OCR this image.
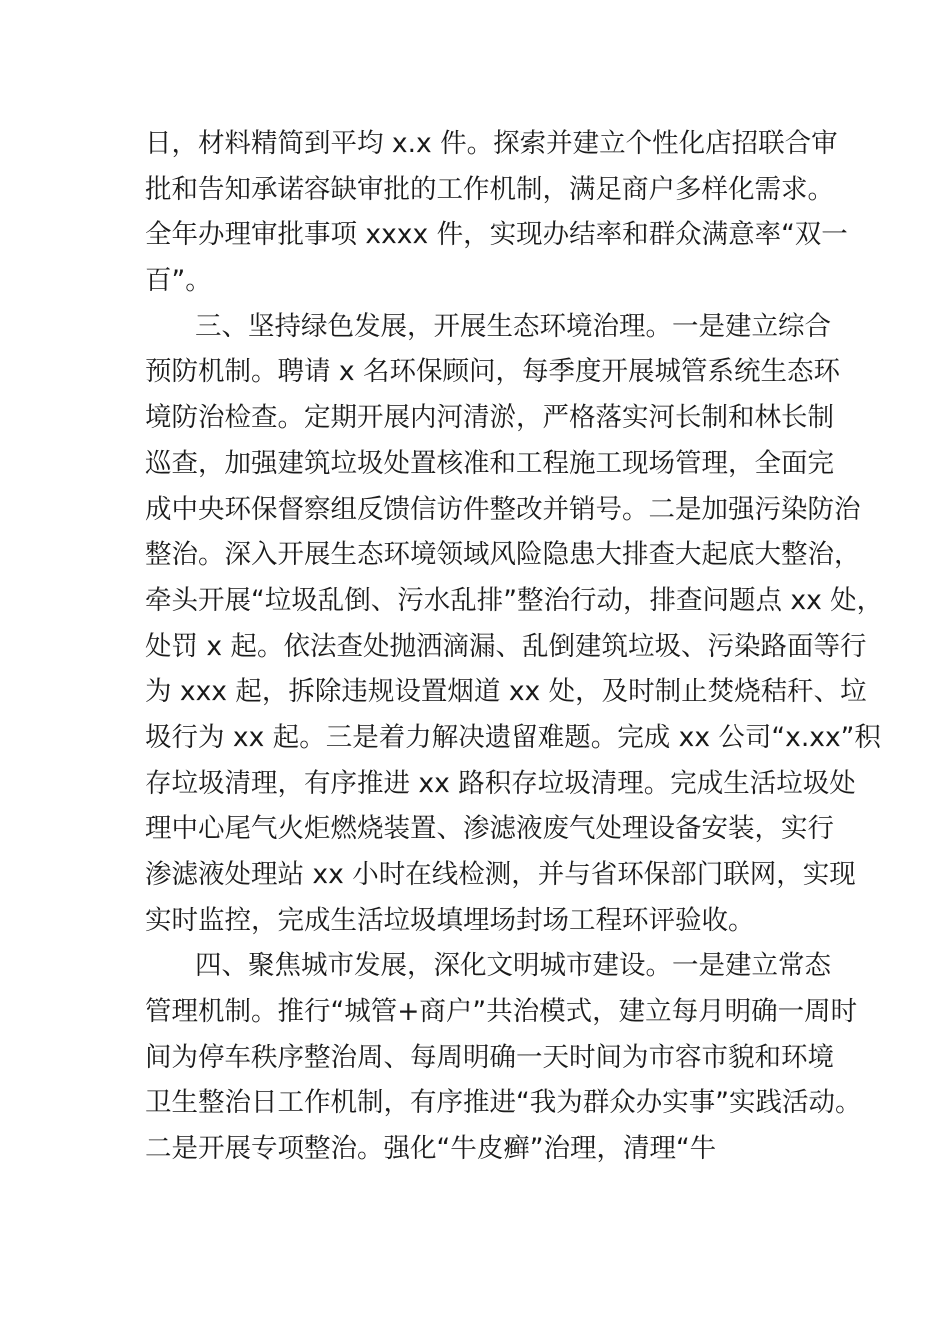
日，材料精简到平均 x.x 件。探索并建立个性化店招联合审
批和告知承诺容缺审批的工作机制，满足商户多样化需求。
全年办理审批事项 xxxx 件，实现办结率和群众满意率“双一
百”。
三、坚持绿色发展，开展生态环境治理。一是建立综合
预防机制。聘请 x 名环保顾问，每季度开展城管系统生态环
境防治检查。定期开展内河清淤，严格落实河长制和林长制
巡查，加强建筑垃圾处置核准和工程施工现场管理，全面完
成中央环保督察组反馈信访件整改并销号。二是加强污染防治
整治。深入开展生态环境领域风险隐患大排查大起底大整治，
牵头开展“垃圾乱倒、污水乱排”整治行动，排查问题点 xx 处，
处罚 x 起。依法查处抛洒滴漏、乱倒建筑垃圾、污染路面等行
为 xxx 起，拆除违规设置烟道 xx 处，及时制止焚烧秸秆、垃
圾行为 xx 起。三是着力解决遗留难题。完成 xx 公司“x.xx”积
存垃圾清理，有序推进 xx 路积存垃圾清理。完成生活垃圾处
理中心尾气火炬燃烧装置、渗滤液废气处理设备安装，实行
渗滤液处理站 xx 小时在线检测，并与省环保部门联网，实现
实时监控，完成生活垃圾填埋场封场工程环评验收。
四、聚焦城市发展，深化文明城市建设。一是建立常态
管理机制。推行“城管+商户”共治模式，建立每月明确一周时
间为停车秩序整治周、每周明确一天时间为市容市貌和环境
卫生整治日工作机制，有序推进“我为群众办实事”实践活动。
二是开展专项整治。强化“牛皮癣”治理，清理“牛
